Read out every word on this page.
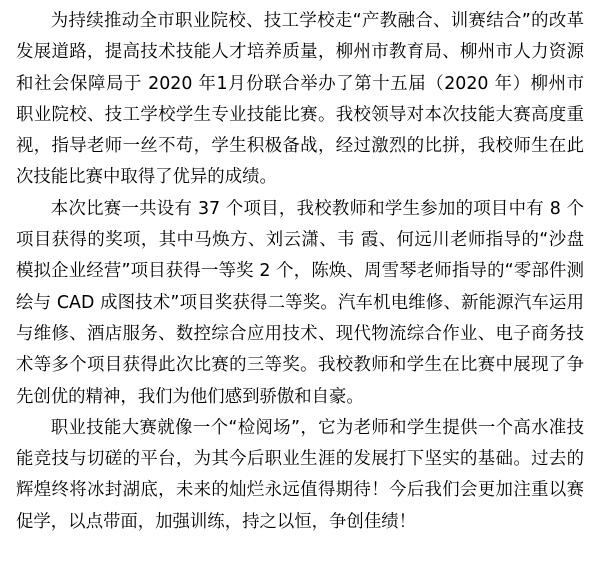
为持续推动全市职业院校、技工学校走“产教融合、训赛结合”的改革发展道路，提高技术技能人才培养质量，柳州市教育局、柳州市人力资源和社会保障局于 2020 年1月份联合举办了第十五届（2020 年）柳州市职业院校、技工学校学生专业技能比赛。我校领导对本次技能大赛高度重视，指导老师一丝不苟，学生积极备战，经过激烈的比拼，我校师生在此次技能比赛中取得了优异的成绩。

本次比赛一共设有 37 个项目，我校教师和学生参加的项目中有 8 个项目获得的奖项，其中马焕方、刘云潇、韦 霞、何远川老师指导的“沙盘模拟企业经营”项目获得一等奖 2 个，陈焕、周雪琴老师指导的“零部件测绘与 CAD 成图技术”项目奖获得二等奖。汽车机电维修、新能源汽车运用与维修、酒店服务、数控综合应用技术、现代物流综合作业、电子商务技术等多个项目获得此次比赛的三等奖。我校教师和学生在比赛中展现了争先创优的精神，我们为他们感到骄傲和自豪。

职业技能大赛就像一个“检阅场”，它为老师和学生提供一个高水准技能竞技与切磋的平台，为其今后职业生涯的发展打下坚实的基础。过去的辉煌终将冰封湖底，未来的灿烂永远值得期待！今后我们会更加注重以赛促学，以点带面，加强训练，持之以恒，争创佳绩！
